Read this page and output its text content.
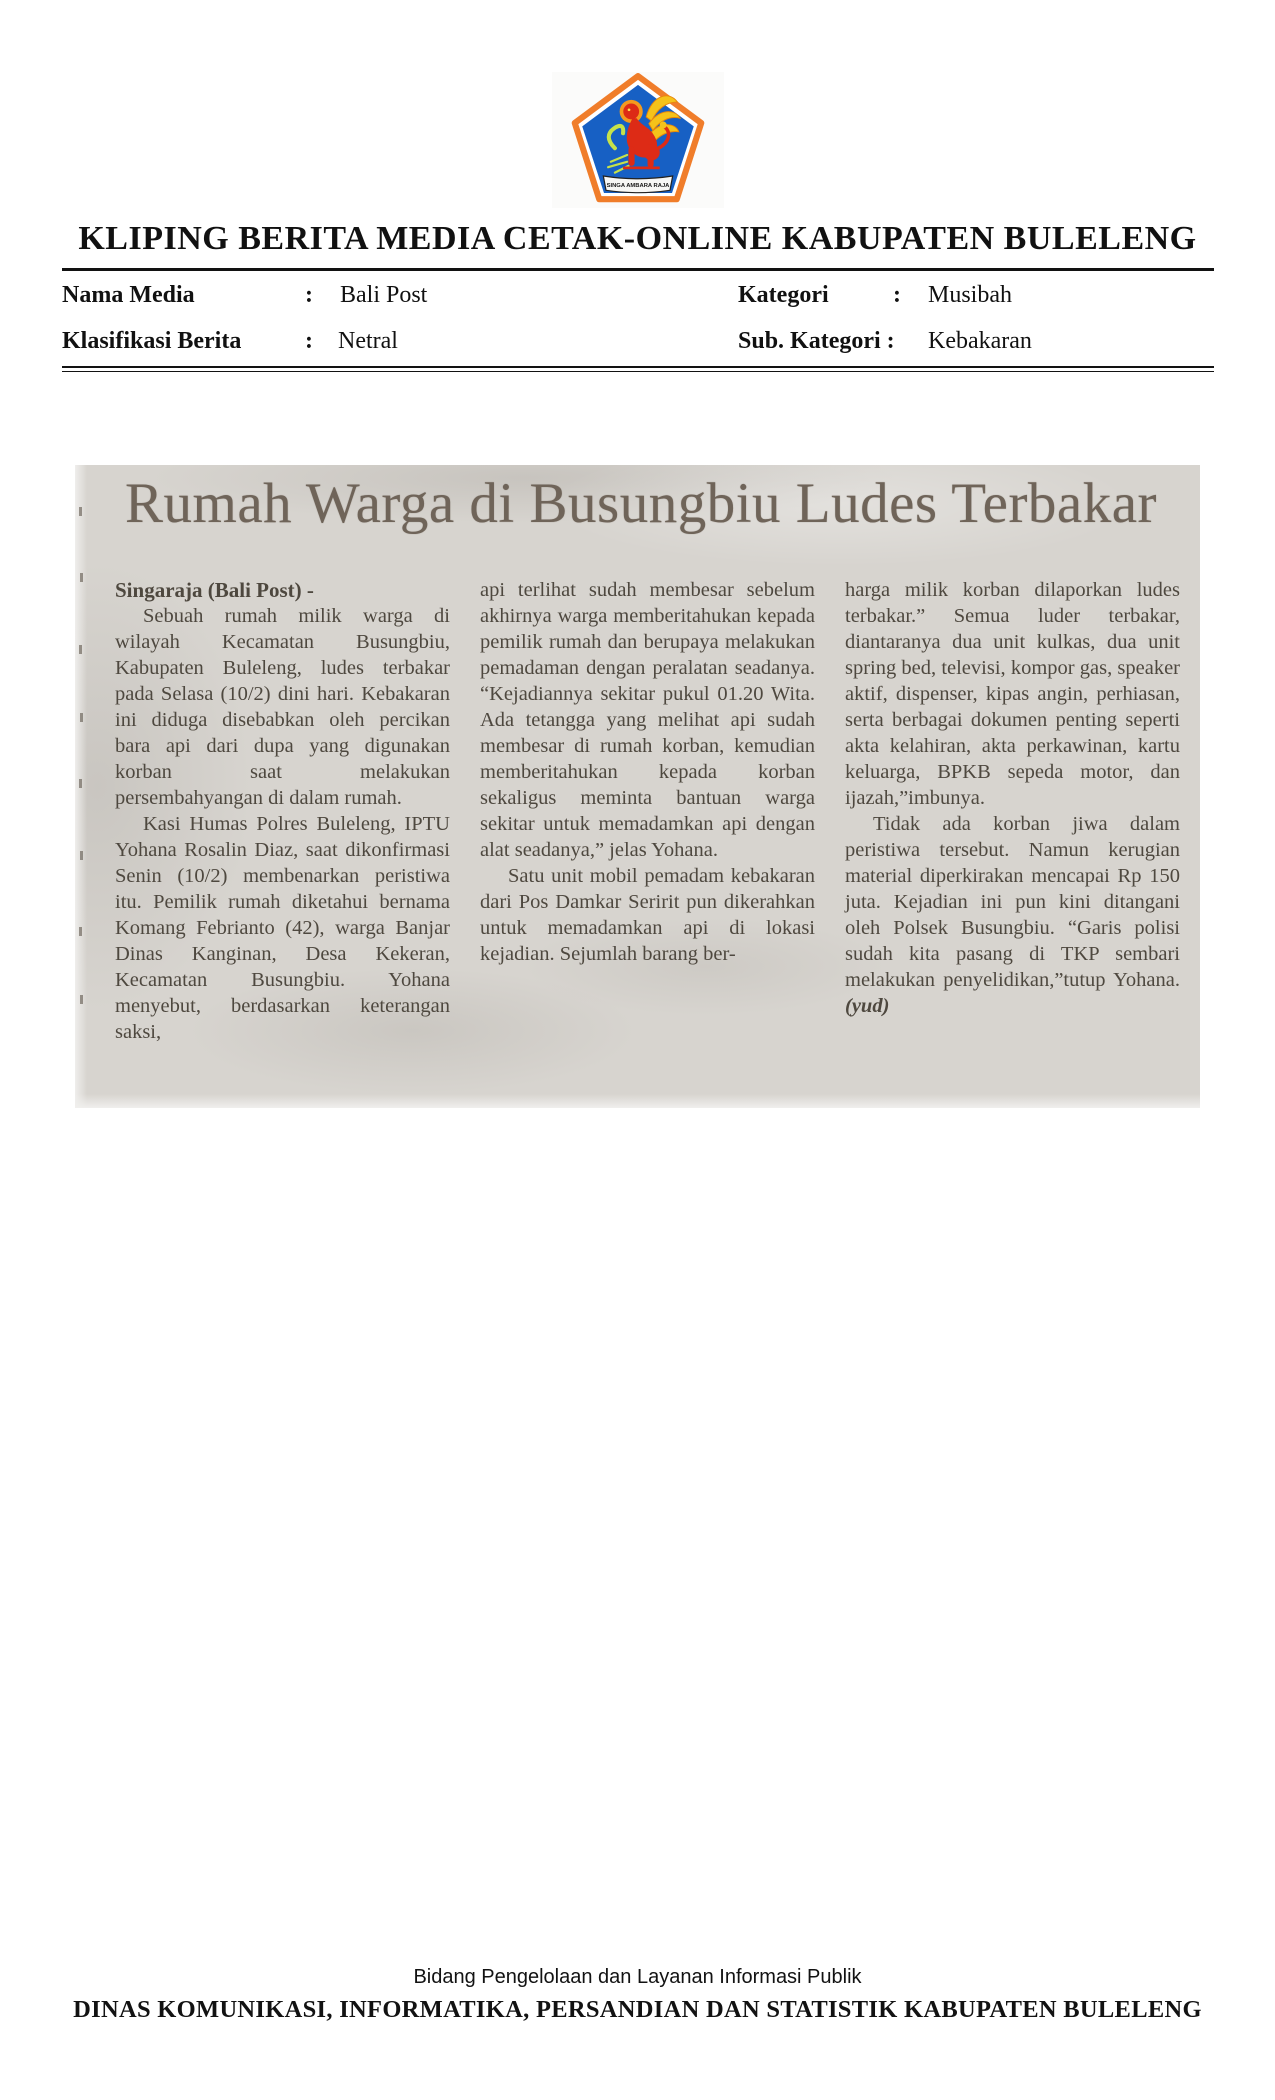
SINGA AMBARA RAJA
KLIPING BERITA MEDIA CETAK-ONLINE KABUPATEN BULELENG
Nama Media	: Bali Post	Kategori	: Musibah
Klasifikasi Berita	: Netral	Sub. Kategori : Kebakaran
Rumah Warga di Busungbiu Ludes Terbakar

Singaraja (Bali Post) -

Sebuah rumah milik warga di wilayah Kecamatan Busungbiu, Kabupaten Buleleng, ludes terbakar pada Selasa (10/2) dini hari. Kebakaran ini diduga disebabkan oleh percikan bara api dari dupa yang digunakan korban saat melakukan persembahyangan di dalam rumah.

Kasi Humas Polres Buleleng, IPTU Yohana Rosalin Diaz, saat dikonfirmasi Senin (10/2) membenarkan peristiwa itu. Pemilik rumah diketahui bernama Komang Febrianto (42), warga Banjar Dinas Kanginan, Desa Kekeran, Kecamatan Busungbiu. Yohana menyebut, berdasarkan keterangan saksi,

api terlihat sudah membesar sebelum akhirnya warga memberitahukan kepada pemilik rumah dan berupaya melakukan pemadaman dengan peralatan seadanya. “Kejadiannya sekitar pukul 01.20 Wita. Ada tetangga yang melihat api sudah membesar di rumah korban, kemudian memberitahukan kepada korban sekaligus meminta bantuan warga sekitar untuk memadamkan api dengan alat seadanya,” jelas Yohana.

Satu unit mobil pemadam kebakaran dari Pos Damkar Seririt pun dikerahkan untuk memadamkan api di lokasi kejadian. Sejumlah barang ber-

harga milik korban dilaporkan ludes terbakar.” Semua luder terbakar, diantaranya dua unit kulkas, dua unit spring bed, televisi, kompor gas, speaker aktif, dispenser, kipas angin, perhiasan, serta berbagai dokumen penting seperti akta kelahiran, akta perkawinan, kartu keluarga, BPKB sepeda motor, dan ijazah,”imbunya.

Tidak ada korban jiwa dalam peristiwa tersebut. Namun kerugian material diperkirakan mencapai Rp 150 juta. Kejadian ini pun kini ditangani oleh Polsek Busungbiu. “Garis polisi sudah kita pasang di TKP sembari melakukan penyelidikan,”tutup Yohana. (yud)

Bidang Pengelolaan dan Layanan Informasi Publik
DINAS KOMUNIKASI, INFORMATIKA, PERSANDIAN DAN STATISTIK KABUPATEN BULELENG
